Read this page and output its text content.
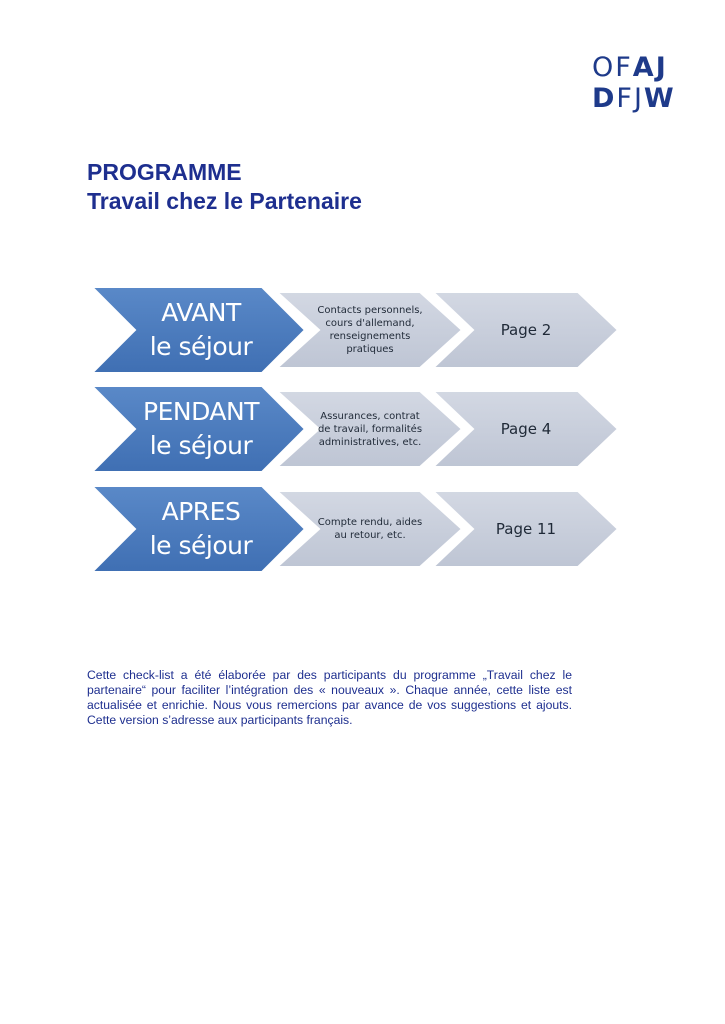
OFAJ
DFJW
PROGRAMME
Travail chez le Partenaire
AVANT
le séjour
Contacts personnels,
cours d'allemand,
renseignements
pratiques
Page 2
PENDANT
le séjour
Assurances, contrat
de travail, formalités
administratives, etc.
Page 4
APRES
le séjour
Compte rendu, aides
au retour, etc.	Page 11

Cette check-list a été élaborée par des participants du programme „Travail chez le partenaire“ pour faciliter l’intégration des « nouveaux ». Chaque année, cette liste est actualisée et enrichie. Nous vous remercions par avance de vos suggestions et ajouts. Cette version s’adresse aux participants français.
